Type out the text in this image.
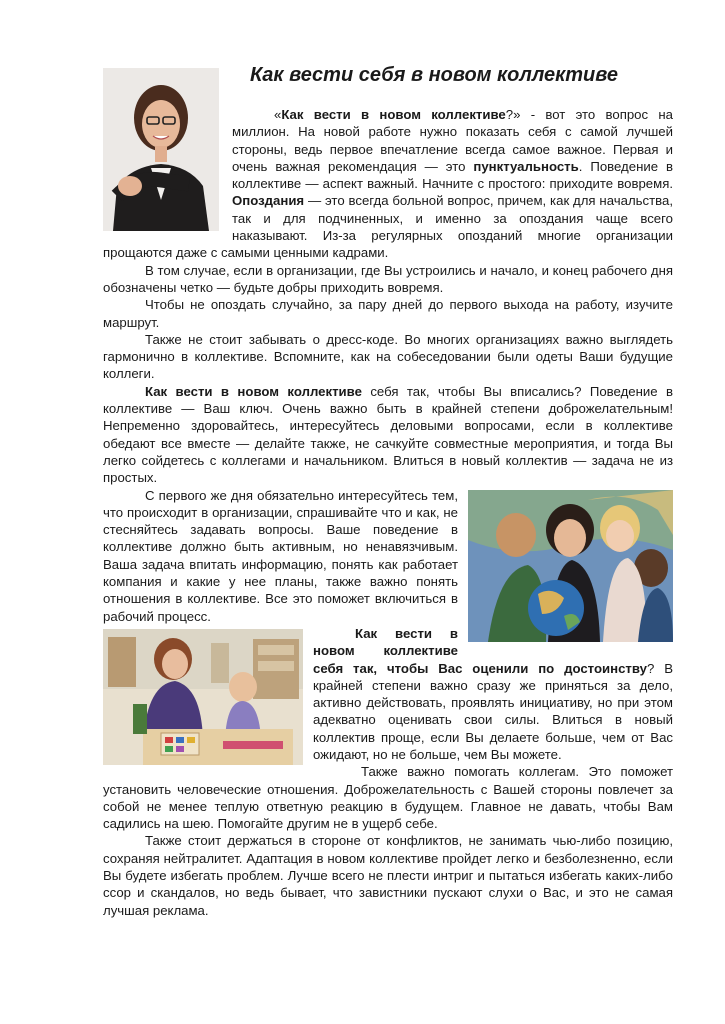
Как вести себя в новом коллективе

«Как вести в новом коллективе?» - вот это вопрос на миллион. На новой работе нужно показать себя с самой лучшей стороны, ведь первое впечатление всегда самое важное. Первая и очень важная рекомендация — это пунктуальность. Поведение в коллективе — аспект важный. Начните с простого: приходите вовремя. Опоздания — это всегда больной вопрос, причем, как для начальства, так и для подчиненных, и именно за опоздания чаще всего наказывают. Из-за регулярных опозданий многие организации прощаются даже с самыми ценными кадрами.

В том случае, если в организации, где Вы устроились и начало, и конец рабочего дня обозначены четко — будьте добры приходить вовремя.

Чтобы не опоздать случайно, за пару дней до первого выхода на работу, изучите маршрут.

Также не стоит забывать о дресс-коде. Во многих организациях важно выглядеть гармонично в коллективе. Вспомните, как на собеседовании были одеты Ваши будущие коллеги.

Как вести в новом коллективе себя так, чтобы Вы вписались? Поведение в коллективе — Ваш ключ. Очень важно быть в крайней степени доброжелательным! Непременно здоровайтесь, интересуйтесь деловыми вопросами, если в коллективе обедают все вместе — делайте также, не сачкуйте совместные мероприятия, и тогда Вы легко сойдетесь с коллегами и начальником. Влиться в новый коллектив — задача не из простых.

С первого же дня обязательно интересуйтесь тем, что происходит в организации, спрашивайте что и как, не стесняйтесь задавать вопросы. Ваше поведение в коллективе должно быть активным, но ненавязчивым. Ваша задача впитать информацию, понять как работает компания и какие у нее планы, также важно понять отношения в коллективе. Все это поможет включиться в рабочий процесс.

Как вести в новом коллективе себя так, чтобы Вас оценили по достоинству? В крайней степени важно сразу же приняться за дело, активно действовать, проявлять инициативу, но при этом адекватно оценивать свои силы. Влиться в новый коллектив проще, если Вы делаете больше, чем от Вас ожидают, но не больше, чем Вы можете.

Также важно помогать коллегам. Это поможет установить человеческие отношения. Доброжелательность с Вашей стороны повлечет за собой не менее теплую ответную реакцию в будущем. Главное не давать, чтобы Вам садились на шею. Помогайте другим не в ущерб себе.

Также стоит держаться в стороне от конфликтов, не занимать чью-либо позицию, сохраняя нейтралитет. Адаптация в новом коллективе пройдет легко и безболезненно, если Вы будете избегать проблем. Лучше всего не плести интриг и пытаться избегать каких-либо ссор и скандалов, но ведь бывает, что завистники пускают слухи о Вас, и это не самая лучшая реклама.
